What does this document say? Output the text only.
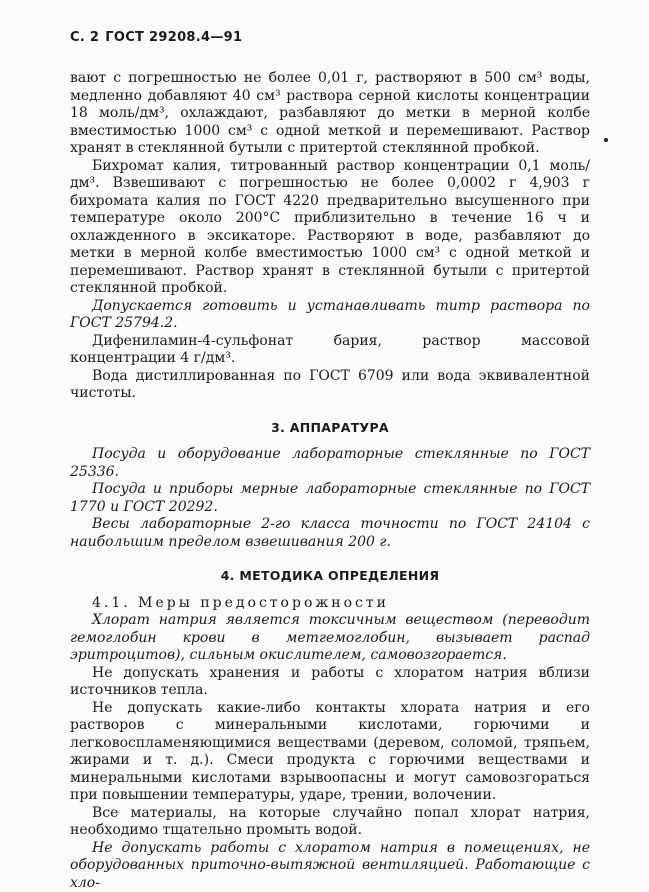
С. 2 ГОСТ 29208.4—91

вают с погрешностью не более 0,01 г, растворяют в 500 см³ воды, медленно добавляют 40 см³ раствора серной кислоты концентрации 18 моль/дм³, охлаждают, разбавляют до метки в мерной колбе вместимостью 1000 см³ с одной меткой и перемешивают. Раствор хранят в стеклянной бутыли с притертой стеклянной пробкой.

Бихромат калия, титрованный раствор концентрации 0,1 моль/дм³. Взвешивают с погрешностью не более 0,0002 г 4,903 г бихромата калия по ГОСТ 4220 предварительно высушенного при температуре около 200°С приблизительно в течение 16 ч и охлажденного в эксикаторе. Растворяют в воде, разбавляют до метки в мерной колбе вместимостью 1000 см³ с одной меткой и перемешивают. Раствор хранят в стеклянной бутыли с притертой стеклянной пробкой.

Допускается готовить и устанавливать титр раствора по ГОСТ 25794.2.

Дифениламин-4-сульфонат бария, раствор массовой концентрации 4 г/дм³.

Вода дистиллированная по ГОСТ 6709 или вода эквивалентной чистоты.

3. АППАРАТУРА

Посуда и оборудование лабораторные стеклянные по ГОСТ 25336.

Посуда и приборы мерные лабораторные стеклянные по ГОСТ 1770 и ГОСТ 20292.

Весы лабораторные 2-го класса точности по ГОСТ 24104 с наибольшим пределом взвешивания 200 г.

4. МЕТОДИКА ОПРЕДЕЛЕНИЯ

4.1. Меры предосторожности

Хлорат натрия является токсичным веществом (переводит гемоглобин крови в метгемоглобин, вызывает распад эритроцитов), сильным окислителем, самовозгорается.

Не допускать хранения и работы с хлоратом натрия вблизи источников тепла.

Не допускать какие-либо контакты хлората натрия и его растворов с минеральными кислотами, горючими и легковоспламеняющимися веществами (деревом, соломой, тряпьем, жирами и т. д.). Смеси продукта с горючими веществами и минеральными кислотами взрывоопасны и могут самовозгораться при повышении температуры, ударе, трении, волочении.

Все материалы, на которые случайно попал хлорат натрия, необходимо тщательно промыть водой.

Не допускать работы с хлоратом натрия в помещениях, не оборудованных приточно-вытяжной вентиляцией. Работающие с хло-
